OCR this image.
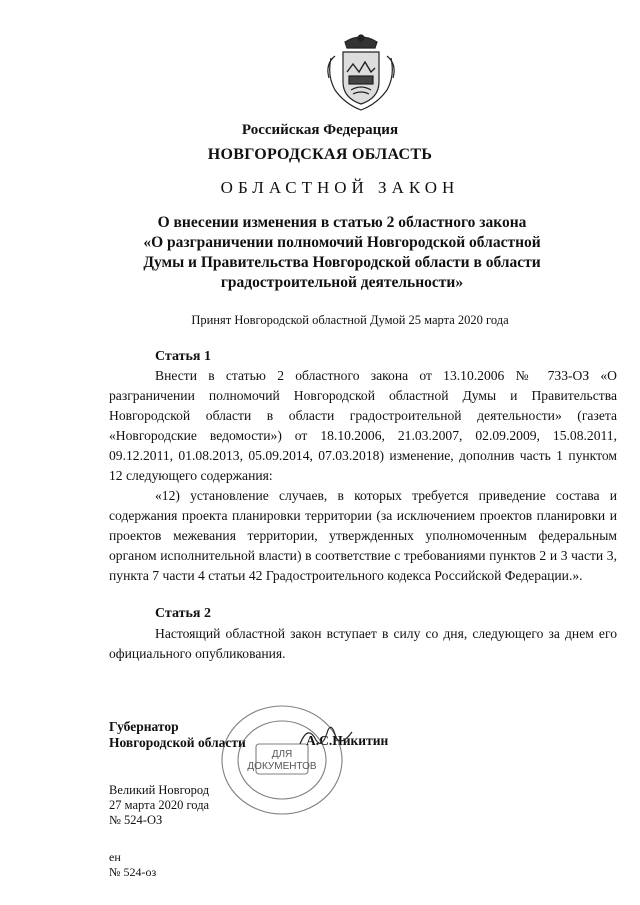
Российская Федерация
НОВГОРОДСКАЯ ОБЛАСТЬ
ОБЛАСТНОЙ ЗАКОН
О внесении изменения в статью 2 областного закона
«О разграничении полномочий Новгородской областной
Думы и Правительства Новгородской области в области
градостроительной деятельности»
Принят Новгородской областной Думой 25 марта 2020 года
Статья 1

Внести в статью 2 областного закона от 13.10.2006 № 733-ОЗ «О разграничении полномочий Новгородской областной Думы и Правительства Новгородской области в области градостроительной деятельности» (газета «Новгородские ведомости») от 18.10.2006, 21.03.2007, 02.09.2009, 15.08.2011, 09.12.2011, 01.08.2013, 05.09.2014, 07.03.2018) изменение, дополнив часть 1 пунктом 12 следующего содержания:

«12) установление случаев, в которых требуется приведение состава и содержания проекта планировки территории (за исключением проектов планировки и проектов межевания территории, утвержденных уполномоченным федеральным органом исполнительной власти) в соответствие с требованиями пунктов 2 и 3 части 3, пункта 7 части 4 статьи 42 Градостроительного кодекса Российской Федерации.».

Статья 2

Настоящий областной закон вступает в силу со дня, следующего за днем его официального опубликования.

Губернатор
Новгородской области	А.С.Никитин
ДЛЯ
ДОКУМЕНТОВ
Великий Новгород
27 марта 2020 года
№ 524-ОЗ
ен
№ 524-оз
